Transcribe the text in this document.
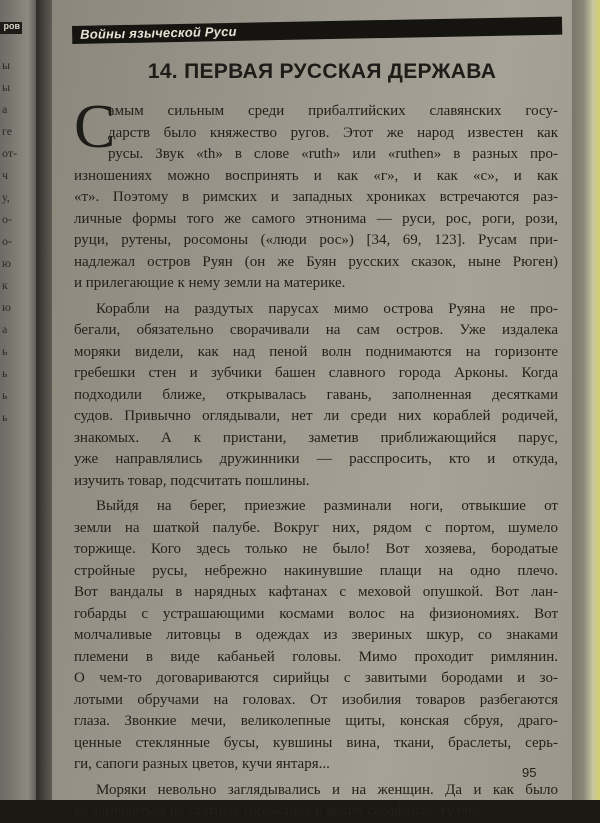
ров
ы
ы
а
ге
от-
ч
у,
о-
о-
ю
к
ю
а
ь
ь
ь
ь
Войны языческой Руси
14. ПЕРВАЯ РУССКАЯ ДЕРЖАВА
С
амым сильным среди прибалтийских славянских госу-
дарств было княжество ругов. Этот же народ известен как
русы. Звук «th» в слове «ruth» или «ruthen» в разных про-
изношениях можно воспринять и как «г», и как «с», и как
«т». Поэтому в римских и западных хрониках встречаются раз-
личные формы того же самого этнонима — руси, рос, роги, рози,
руци, рутены, росомоны («люди рос») [34, 69, 123]. Русам при-
надлежал остров Руян (он же Буян русских сказок, ныне Рюген)
и прилегающие к нему земли на материке.
Корабли на раздутых парусах мимо острова Руяна не про-
бегали, обязательно сворачивали на сам остров. Уже издалека
моряки видели, как над пеной волн поднимаются на горизонте
гребешки стен и зубчики башен славного города Арконы. Когда
подходили ближе, открывалась гавань, заполненная десятками
судов. Привычно оглядывали, нет ли среди них кораблей родичей,
знакомых. А к пристани, заметив приближающийся парус,
уже направлялись дружинники — расспросить, кто и откуда,
изучить товар, подсчитать пошлины.
Выйдя на берег, приезжие разминали ноги, отвыкшие от
земли на шаткой палубе. Вокруг них, рядом с портом, шумело
торжище. Кого здесь только не было! Вот хозяева, бородатые
стройные русы, небрежно накинувшие плащи на одно плечо.
Вот вандалы в нарядных кафтанах с меховой опушкой. Вот лан-
гобарды с устрашающими космами волос на физиономиях. Вот
молчаливые литовцы в одеждах из звериных шкур, со знаками
племени в виде кабаньей головы. Мимо проходит римлянин.
О чем-то договариваются сирийцы с завитыми бородами и зо-
лотыми обручами на головах. От изобилия товаров разбегаются
глаза. Звонкие мечи, великолепные щиты, конская сбруя, драго-
ценные стеклянные бусы, кувшины вина, ткани, браслеты, серь-
ги, сапоги разных цветов, кучи янтаря...
Моряки невольно заглядывались и на женщин. Да и как было
не заглядеться на статных горожанок в ярких сарафанах, гуляю-
95
